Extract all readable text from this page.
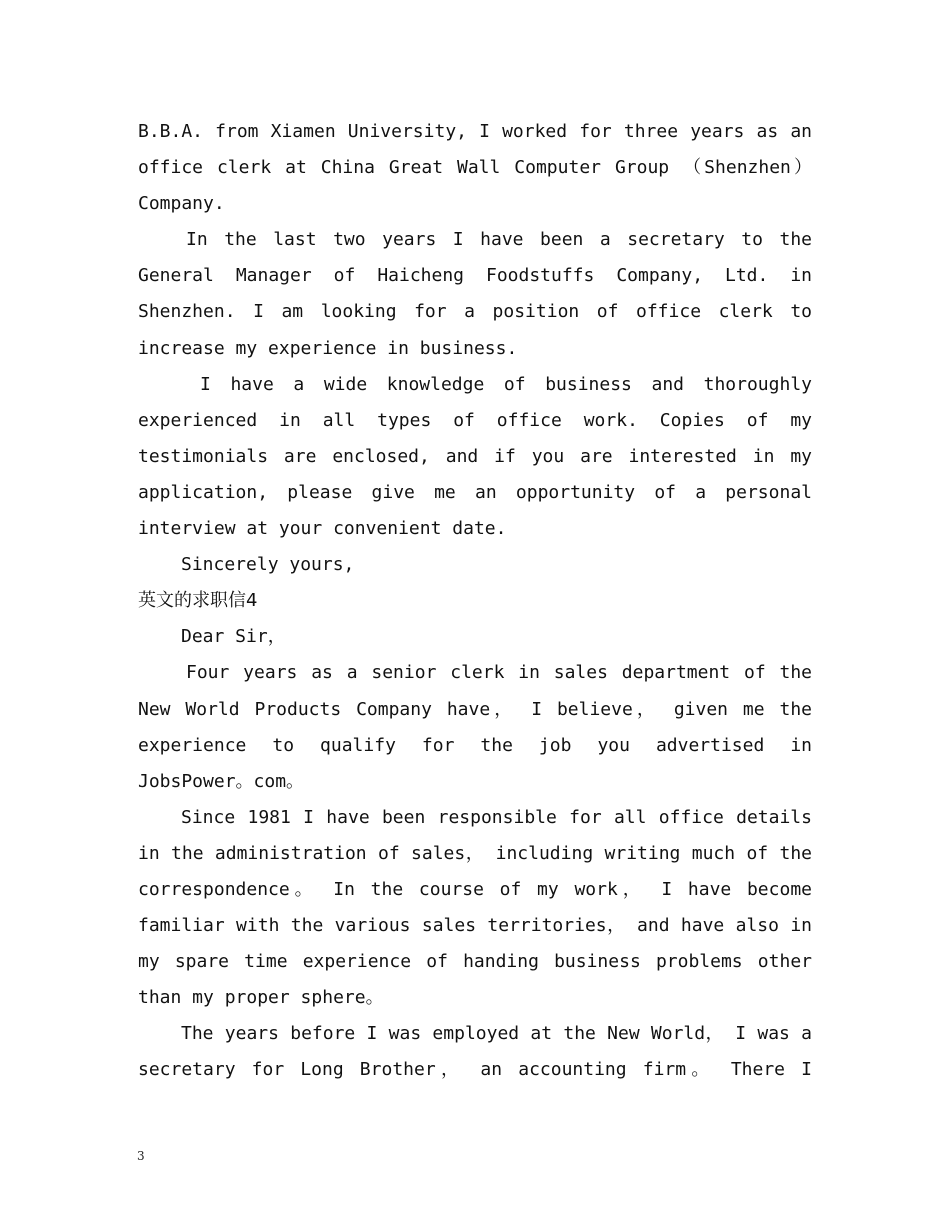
B.B.A. from Xiamen University, I worked for three years as an
office clerk at China Great Wall Computer Group （Shenzhen）
Company.
In the last two years I have been a secretary to the
General Manager of Haicheng Foodstuffs Company, Ltd. in
Shenzhen. I am looking for a position of office clerk to
increase my experience in business.
I have a wide knowledge of business and thoroughly
experienced in all types of office work. Copies of my
testimonials are enclosed, and if you are interested in my
application, please give me an opportunity of a personal
interview at your convenient date.
Sincerely yours,
英文的求职信4
Dear Sir，
Four years as a senior clerk in sales department of the
New World Products Company have， I believe， given me the
experience to qualify for the job you advertised in
JobsPower。com。
Since 1981 I have been responsible for all office details
in the administration of sales， including writing much of the
correspondence。 In the course of my work， I have become
familiar with the various sales territories， and have also in
my spare time experience of handing business problems other
than my proper sphere。
The years before I was employed at the New World， I was a
secretary for Long Brother， an accounting firm。 There I
3
